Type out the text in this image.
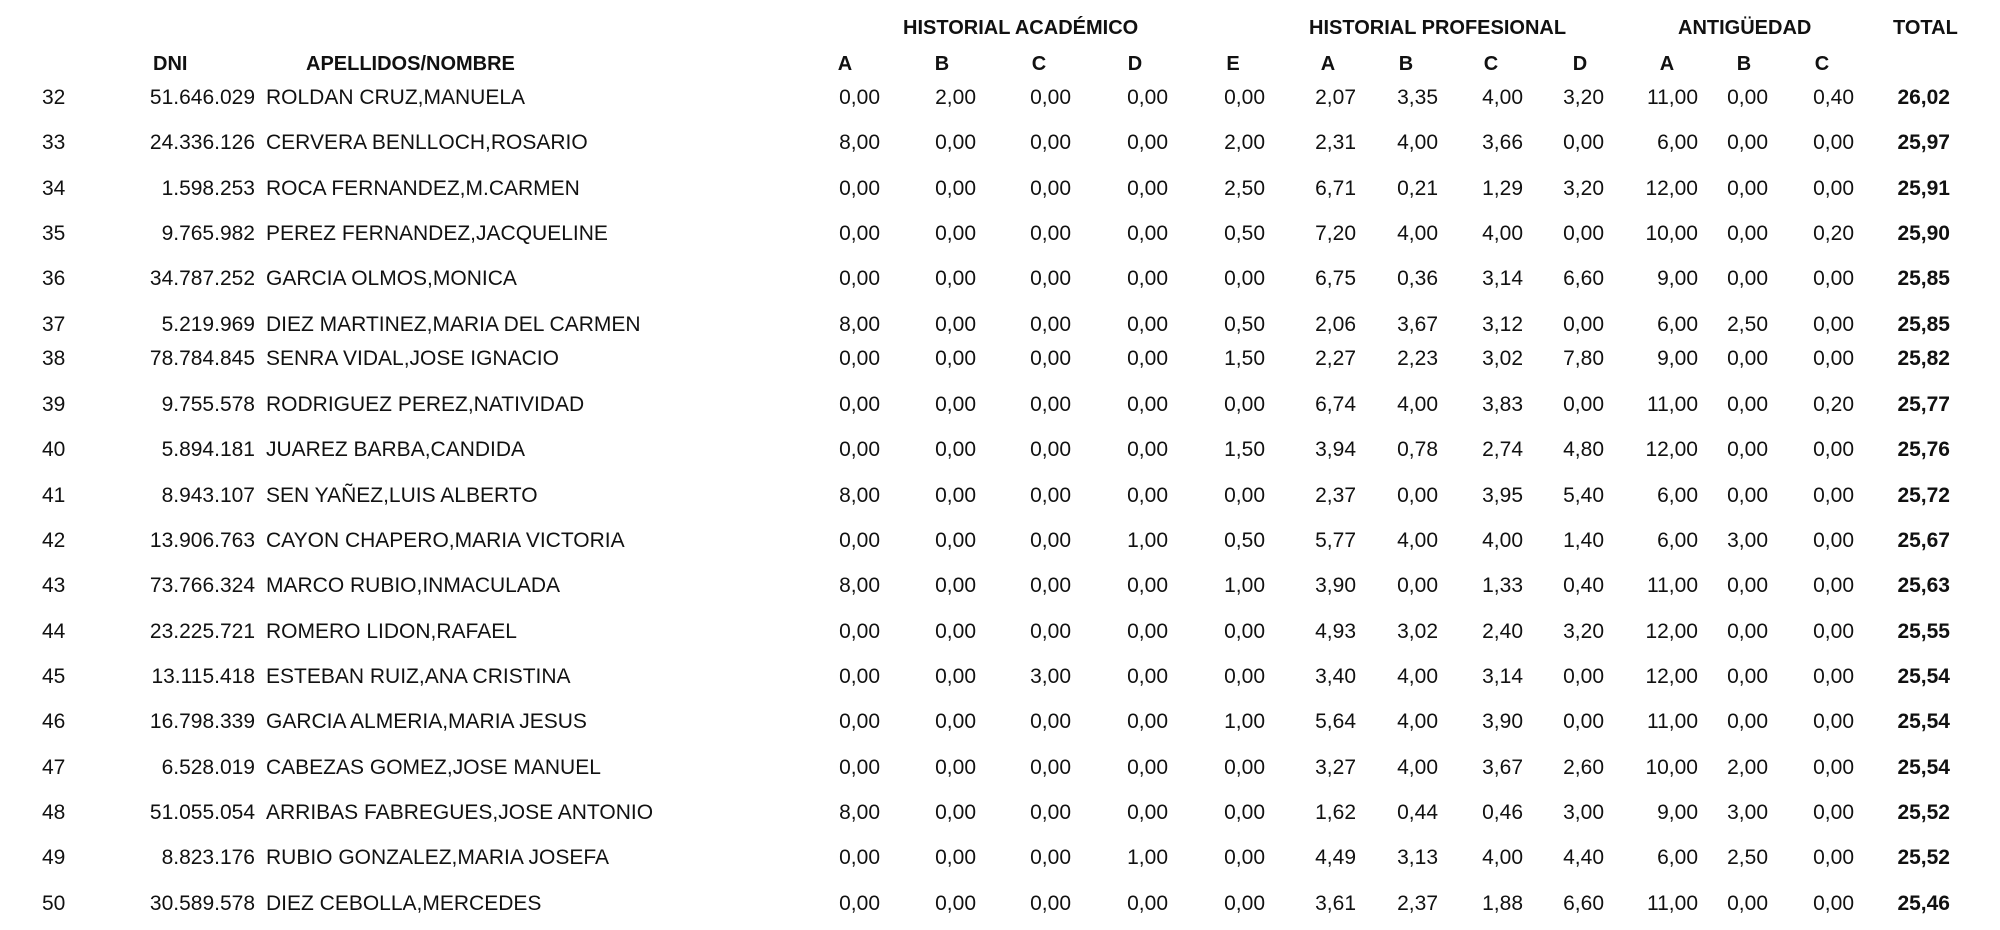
HISTORIAL ACADÉMICO	HISTORIAL PROFESIONAL	ANTIGÜEDAD	TOTAL
DNI	APELLIDOS/NOMBRE	A	B	C	D	E	A	B	C	D	A	B	C
32	51.646.029 ROLDAN CRUZ,MANUELA	0,00	2,00	0,00	0,00	0,00 2,07 3,35 4,00 3,20 11,00 0,00 0,40 26,02
33	24.336.126 CERVERA BENLLOCH,ROSARIO	8,00	0,00	0,00	0,00	2,00 2,31 4,00 3,66 0,00	6,00 0,00 0,00 25,97
34	1.598.253 ROCA FERNANDEZ,M.CARMEN	0,00	0,00	0,00	0,00	2,50 6,71 0,21 1,29 3,20 12,00 0,00 0,00 25,91
35	9.765.982 PEREZ FERNANDEZ,JACQUELINE	0,00	0,00	0,00	0,00	0,50 7,20 4,00 4,00 0,00 10,00 0,00 0,20 25,90
36	34.787.252 GARCIA OLMOS,MONICA	0,00	0,00	0,00	0,00	0,00 6,75 0,36 3,14 6,60	9,00 0,00 0,00 25,85
37	5.219.969 DIEZ MARTINEZ,MARIA DEL CARMEN	8,00	0,00	0,00	0,00	0,50 2,06 3,67 3,12 0,00	6,00 2,50 0,00 25,85
38	78.784.845 SENRA VIDAL,JOSE IGNACIO	0,00	0,00	0,00	0,00	1,50 2,27 2,23 3,02 7,80	9,00 0,00 0,00 25,82
39	9.755.578 RODRIGUEZ PEREZ,NATIVIDAD	0,00	0,00	0,00	0,00	0,00 6,74 4,00 3,83 0,00 11,00 0,00 0,20 25,77
40	5.894.181 JUAREZ BARBA,CANDIDA	0,00	0,00	0,00	0,00	1,50 3,94 0,78 2,74 4,80 12,00 0,00 0,00 25,76
41	8.943.107 SEN YAÑEZ,LUIS ALBERTO	8,00	0,00	0,00	0,00	0,00 2,37 0,00 3,95 5,40	6,00 0,00 0,00 25,72
42	13.906.763 CAYON CHAPERO,MARIA VICTORIA	0,00	0,00	0,00	1,00	0,50 5,77 4,00 4,00 1,40	6,00 3,00 0,00 25,67
43	73.766.324 MARCO RUBIO,INMACULADA	8,00	0,00	0,00	0,00	1,00 3,90 0,00 1,33 0,40 11,00 0,00 0,00 25,63
44	23.225.721 ROMERO LIDON,RAFAEL	0,00	0,00	0,00	0,00	0,00 4,93 3,02 2,40 3,20 12,00 0,00 0,00 25,55
45	13.115.418 ESTEBAN RUIZ,ANA CRISTINA	0,00	0,00	3,00	0,00	0,00 3,40 4,00 3,14 0,00 12,00 0,00 0,00 25,54
46	16.798.339 GARCIA ALMERIA,MARIA JESUS	0,00	0,00	0,00	0,00	1,00 5,64 4,00 3,90 0,00 11,00 0,00 0,00 25,54
47	6.528.019 CABEZAS GOMEZ,JOSE MANUEL	0,00	0,00	0,00	0,00	0,00 3,27 4,00 3,67 2,60 10,00 2,00 0,00 25,54
48	51.055.054 ARRIBAS FABREGUES,JOSE ANTONIO	8,00	0,00	0,00	0,00	0,00 1,62 0,44 0,46 3,00	9,00 3,00 0,00 25,52
49	8.823.176 RUBIO GONZALEZ,MARIA JOSEFA	0,00	0,00	0,00	1,00	0,00 4,49 3,13 4,00 4,40	6,00 2,50 0,00 25,52
50	30.589.578 DIEZ CEBOLLA,MERCEDES	0,00	0,00	0,00	0,00	0,00 3,61 2,37 1,88 6,60 11,00 0,00 0,00 25,46
